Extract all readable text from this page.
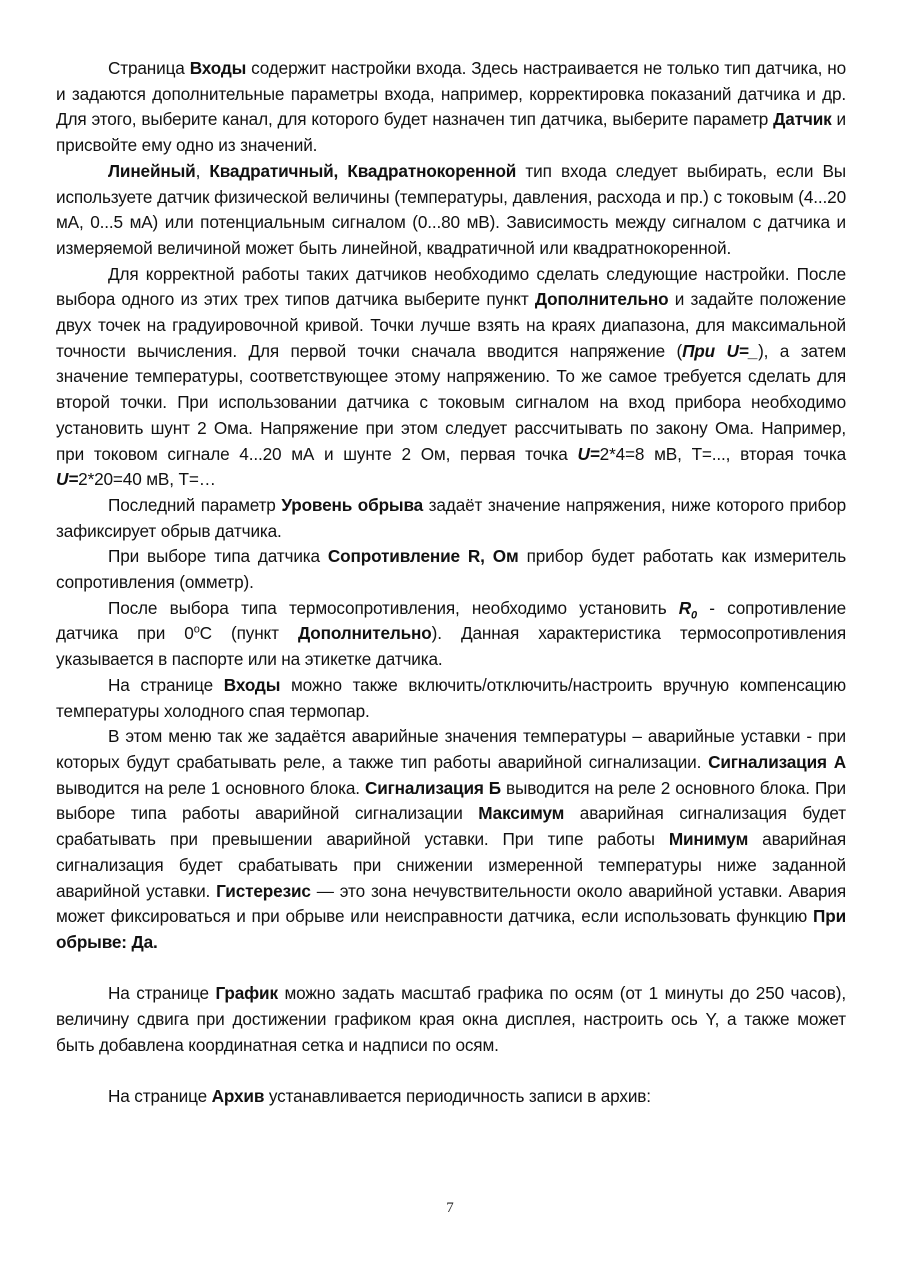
Страница Входы содержит настройки входа. Здесь настраивается не только тип датчика, но и задаются дополнительные параметры входа, например, корректировка показаний датчика и др. Для этого, выберите канал, для которого будет назначен тип датчика, выберите параметр Датчик и присвойте ему одно из значений.

Линейный, Квадратичный, Квадратнокоренной тип входа следует выбирать, если Вы используете датчик физической величины (температуры, давления, расхода и пр.) с токовым (4...20 мА, 0...5 мА) или потенциальным сигналом (0...80 мВ). Зависимость между сигналом с датчика и измеряемой величиной может быть линейной, квадратичной или квадратнокоренной.

Для корректной работы таких датчиков необходимо сделать следующие настройки. После выбора одного из этих трех типов датчика выберите пункт Дополнительно и задайте положение двух точек на градуировочной кривой. Точки лучше взять на краях диапазона, для максимальной точности вычисления. Для первой точки сначала вводится напряжение (При U=_), а затем значение температуры, соответствующее этому напряжению. То же самое требуется сделать для второй точки. При использовании датчика с токовым сигналом на вход прибора необходимо установить шунт 2 Ома. Напряжение при этом следует рассчитывать по закону Ома. Например, при токовом сигнале 4...20 мА и шунте 2 Ом, первая точка U=2*4=8 мВ, Т=..., вторая точка U=2*20=40 мВ, Т=…

Последний параметр Уровень обрыва задаёт значение напряжения, ниже которого прибор зафиксирует обрыв датчика.

При выборе типа датчика Сопротивление R, Ом прибор будет работать как измеритель сопротивления (омметр).

После выбора типа термосопротивления, необходимо установить $R_0$ - сопротивление датчика при 0$^o$С (пункт Дополнительно). Данная характеристика термосопротивления указывается в паспорте или на этикетке датчика.

На странице Входы можно также включить/отключить/настроить вручную компенсацию температуры холодного спая термопар.

В этом меню так же задаётся аварийные значения температуры – аварийные уставки - при которых будут срабатывать реле, а также тип работы аварийной сигнализации. Сигнализация А выводится на реле 1 основного блока. Сигнализация Б выводится на реле 2 основного блока. При выборе типа работы аварийной сигнализации Максимум аварийная сигнализация будет срабатывать при превышении аварийной уставки. При типе работы Минимум аварийная сигнализация будет срабатывать при снижении измеренной температуры ниже заданной аварийной уставки. Гистерезис — это зона нечувствительности около аварийной уставки. Авария может фиксироваться и при обрыве или неисправности датчика, если использовать функцию При обрыве: Да.

На странице График можно задать масштаб графика по осям (от 1 минуты до 250 часов), величину сдвига при достижении графиком края окна дисплея, настроить ось Y, а также может быть добавлена координатная сетка и надписи по осям.

На странице Архив устанавливается периодичность записи в архив:

7
